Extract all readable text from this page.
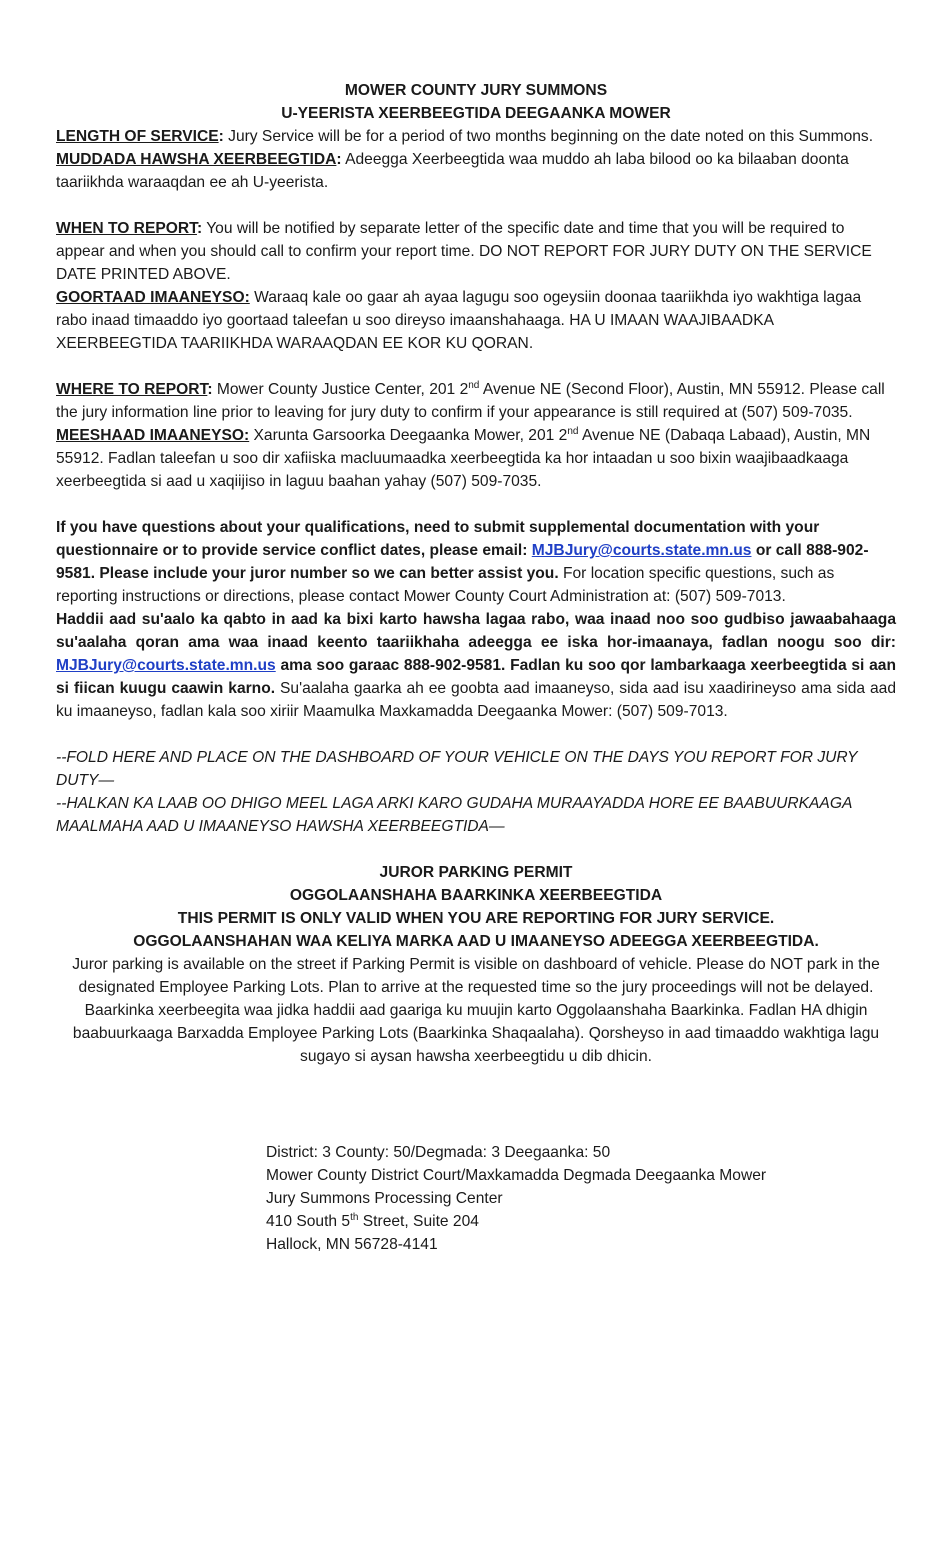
MOWER COUNTY JURY SUMMONS

U-YEERISTA XEERBEEGTIDA DEEGAANKA MOWER

LENGTH OF SERVICE: Jury Service will be for a period of two months beginning on the date noted on this Summons.

MUDDADA HAWSHA XEERBEEGTIDA: Adeegga Xeerbeegtida waa muddo ah laba bilood oo ka bilaaban doonta taariikhda waraaqdan ee ah U-yeerista.

WHEN TO REPORT: You will be notified by separate letter of the specific date and time that you will be required to appear and when you should call to confirm your report time. DO NOT REPORT FOR JURY DUTY ON THE SERVICE DATE PRINTED ABOVE.

GOORTAAD IMAANEYSO: Waraaq kale oo gaar ah ayaa lagugu soo ogeysiin doonaa taariikhda iyo wakhtiga lagaa rabo inaad timaaddo iyo goortaad taleefan u soo direyso imaanshahaaga. HA U IMAAN WAAJIBAADKA XEERBEEGTIDA TAARIIKHDA WARAAQDAN EE KOR KU QORAN.

WHERE TO REPORT: Mower County Justice Center, 201 2nd Avenue NE (Second Floor), Austin, MN 55912. Please call the jury information line prior to leaving for jury duty to confirm if your appearance is still required at (507) 509-7035.

MEESHAAD IMAANEYSO: Xarunta Garsoorka Deegaanka Mower, 201 2nd Avenue NE (Dabaqa Labaad), Austin, MN 55912. Fadlan taleefan u soo dir xafiiska macluumaadka xeerbeegtida ka hor intaadan u soo bixin waajibaadkaaga xeerbeegtida si aad u xaqiijiso in laguu baahan yahay (507) 509-7035.

If you have questions about your qualifications, need to submit supplemental documentation with your questionnaire or to provide service conflict dates, please email: MJBJury@courts.state.mn.us or call 888-902-9581. Please include your juror number so we can better assist you. For location specific questions, such as reporting instructions or directions, please contact Mower County Court Administration at: (507) 509-7013.

Haddii aad su'aalo ka qabto in aad ka bixi karto hawsha lagaa rabo, waa inaad noo soo gudbiso jawaabahaaga su'aalaha qoran ama waa inaad keento taariikhaha adeegga ee iska hor-imaanaya, fadlan noogu soo dir: MJBJury@courts.state.mn.us ama soo garaac 888-902-9581. Fadlan ku soo qor lambarkaaga xeerbeegtida si aan si fiican kuugu caawin karno. Su'aalaha gaarka ah ee goobta aad imaaneyso, sida aad isu xaadirineyso ama sida aad ku imaaneyso, fadlan kala soo xiriir Maamulka Maxkamadda Deegaanka Mower: (507) 509-7013.

--FOLD HERE AND PLACE ON THE DASHBOARD OF YOUR VEHICLE ON THE DAYS YOU REPORT FOR JURY DUTY—

--HALKAN KA LAAB OO DHIGO MEEL LAGA ARKI KARO GUDAHA MURAAYADDA HORE EE BAABUURKAAGA MAALMAHA AAD U IMAANEYSO HAWSHA XEERBEEGTIDA—

JUROR PARKING PERMIT

OGGOLAANSHAHA BAARKINKA XEERBEEGTIDA

THIS PERMIT IS ONLY VALID WHEN YOU ARE REPORTING FOR JURY SERVICE.

OGGOLAANSHAHAN WAA KELIYA MARKA AAD U IMAANEYSO ADEEGGA XEERBEEGTIDA.

Juror parking is available on the street if Parking Permit is visible on dashboard of vehicle. Please do NOT park in the designated Employee Parking Lots. Plan to arrive at the requested time so the jury proceedings will not be delayed.

Baarkinka xeerbeegita waa jidka haddii aad gaariga ku muujin karto Oggolaanshaha Baarkinka. Fadlan HA dhigin baabuurkaaga Barxadda Employee Parking Lots (Baarkinka Shaqaalaha). Qorsheyso in aad timaaddo wakhtiga lagu sugayo si aysan hawsha xeerbeegtidu u dib dhicin.

District: 3 County: 50/Degmada: 3 Deegaanka: 50

Mower County District Court/Maxkamadda Degmada Deegaanka Mower

Jury Summons Processing Center

410 South 5th Street, Suite 204

Hallock, MN 56728-4141
